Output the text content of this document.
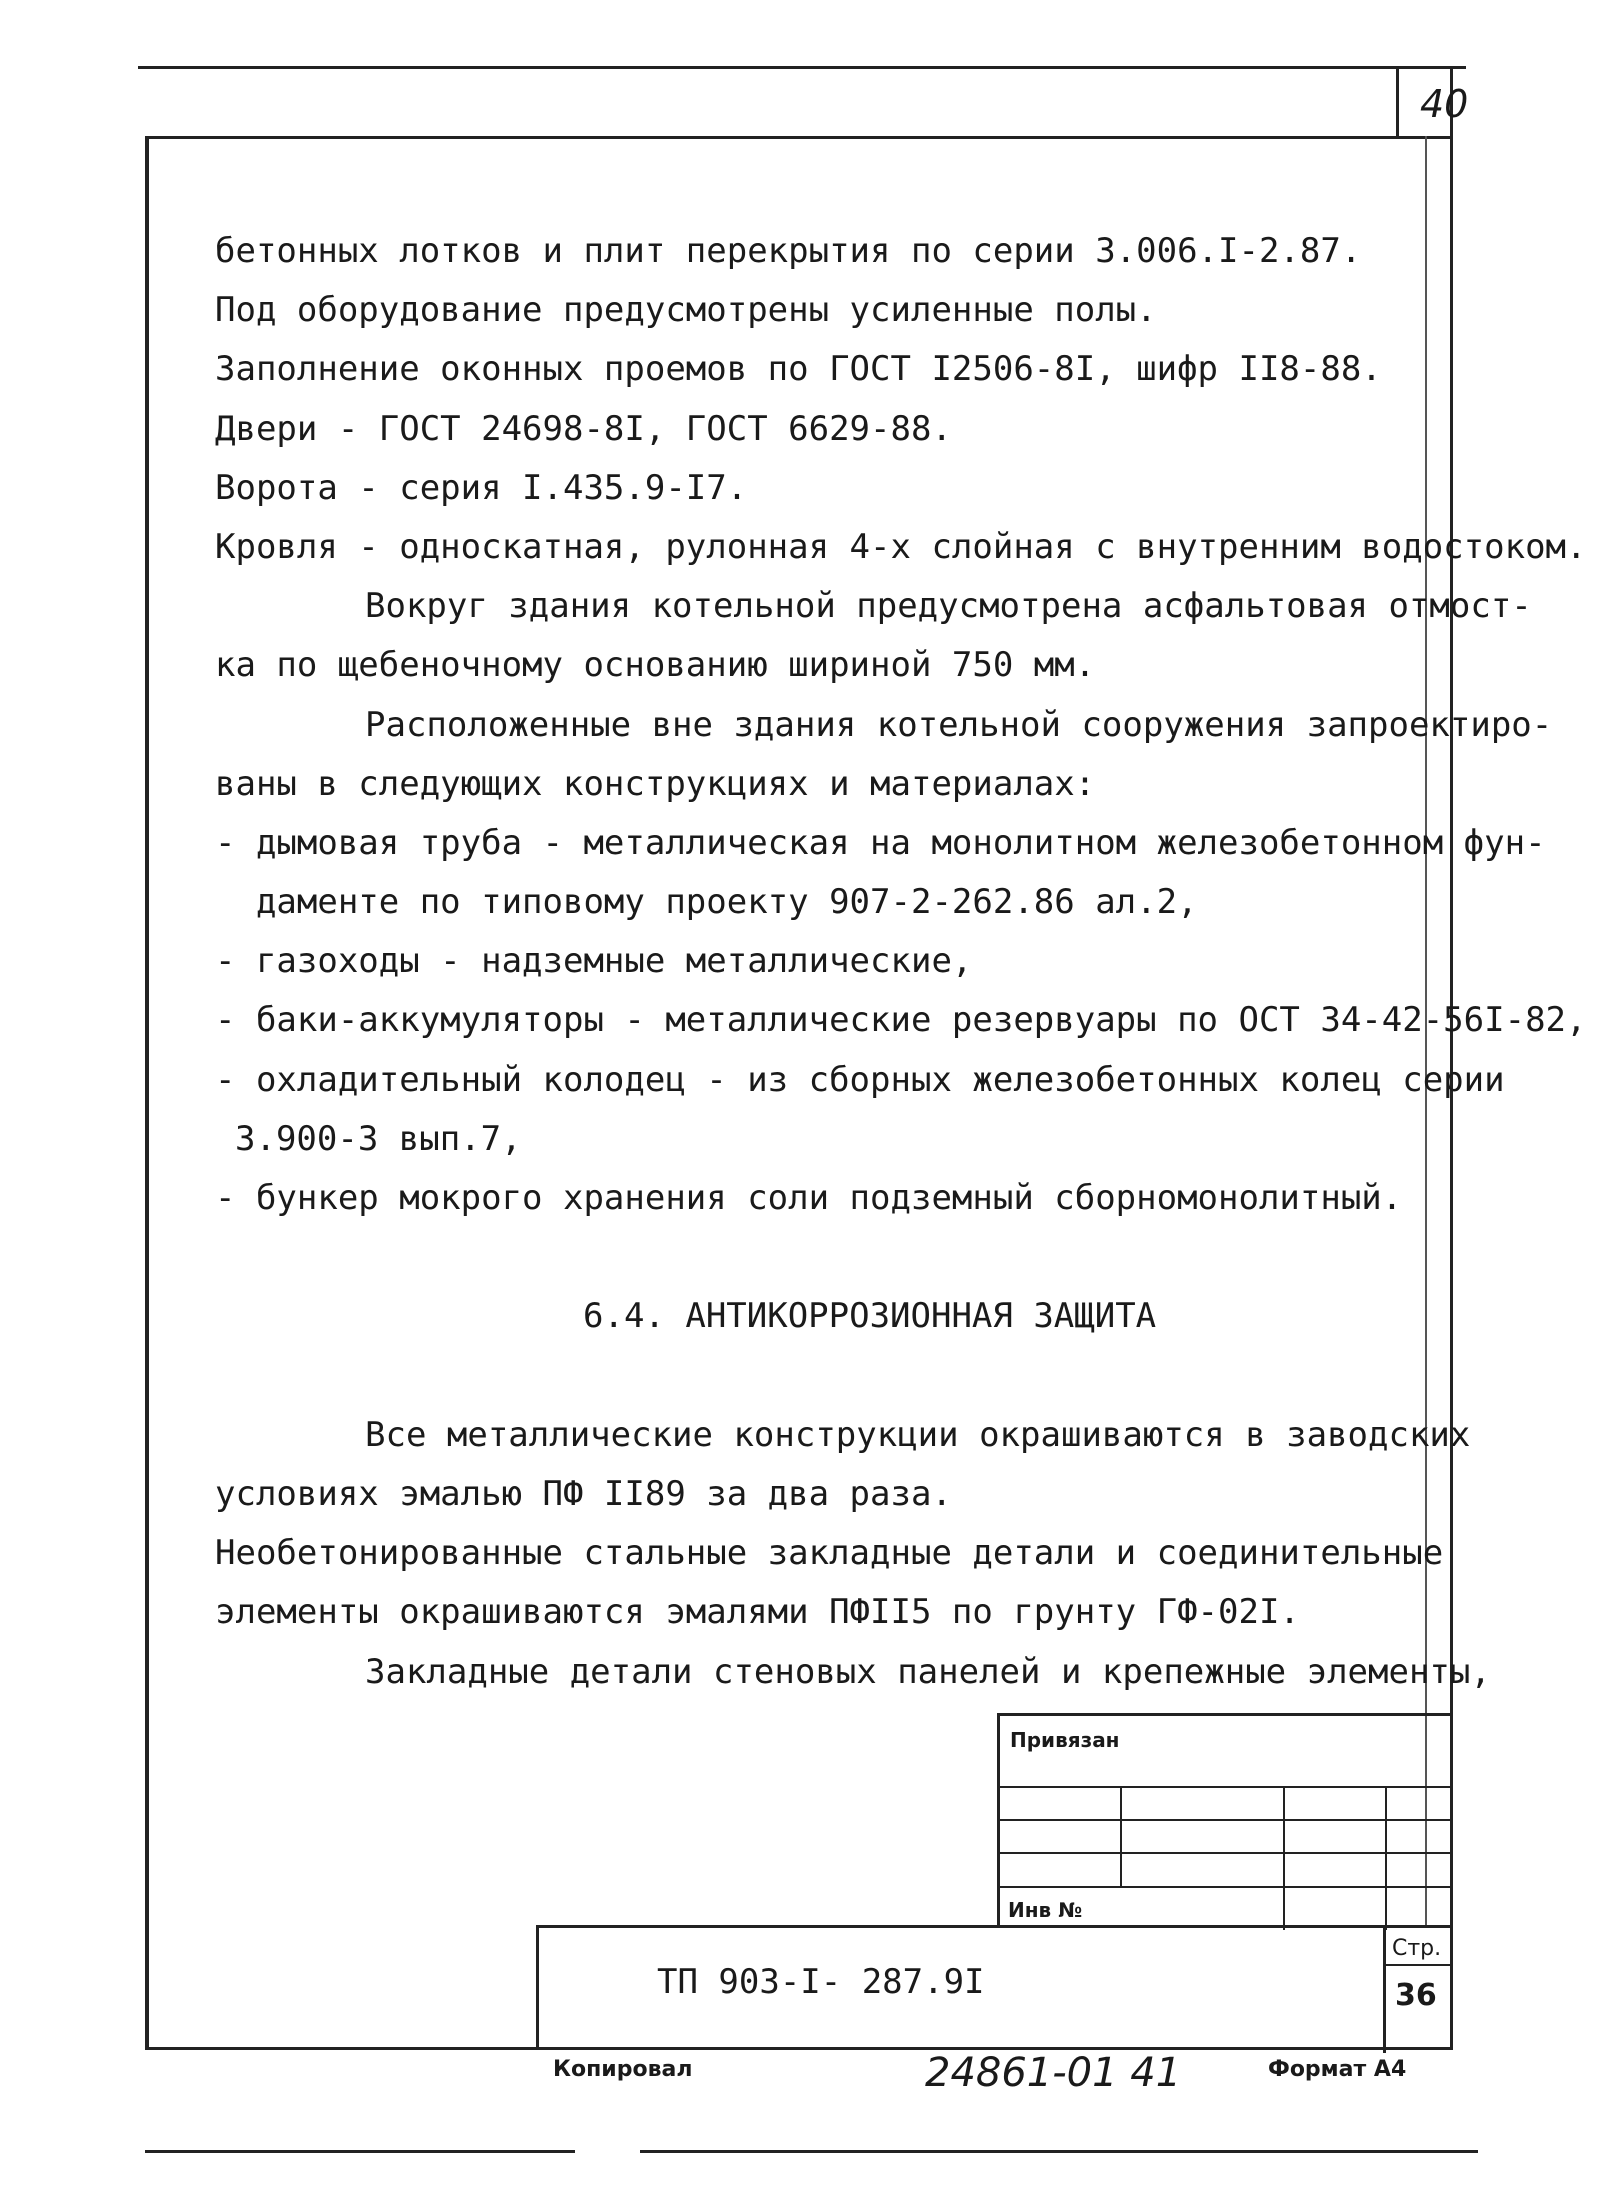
40
бетонных лотков и плит перекрытия по серии 3.006.I-2.87.
Под оборудование предусмотрены усиленные полы.
Заполнение оконных проемов по ГОСТ I2506-8I, шифр II8-88.
Двери - ГОСТ 24698-8I, ГОСТ 6629-88.
Ворота - серия I.435.9-I7.
Кровля - односкатная, рулонная 4-х слойная с внутренним водостоком.
Вокруг здания котельной предусмотрена асфальтовая отмост-
ка по щебеночному основанию шириной 750 мм.
Расположенные вне здания котельной сооружения запроектиро-
ваны в следующих конструкциях и материалах:
- дымовая труба - металлическая на монолитном железобетонном фун-
даменте по типовому проекту 907-2-262.86 ал.2,
- газоходы - надземные металлические,
- баки-аккумуляторы - металлические резервуары по ОСТ 34-42-56I-82,
- охладительный колодец - из сборных железобетонных колец серии
3.900-3 вып.7,
- бункер мокрого хранения соли подземный сборномонолитный.
6.4. АНТИКОРРОЗИОННАЯ ЗАЩИТА
Все металлические конструкции окрашиваются в заводских
условиях эмалью ПФ II89 за два раза.
Необетонированные стальные закладные детали и соединительные
элементы окрашиваются эмалями ПФII5 по грунту ГФ-02I.
Закладные детали стеновых панелей и крепежные элементы,
Привязан
Инв №
ТП 903-I- 287.9I
Стр.
36
Копировал	24861-01 41	Формат А4
